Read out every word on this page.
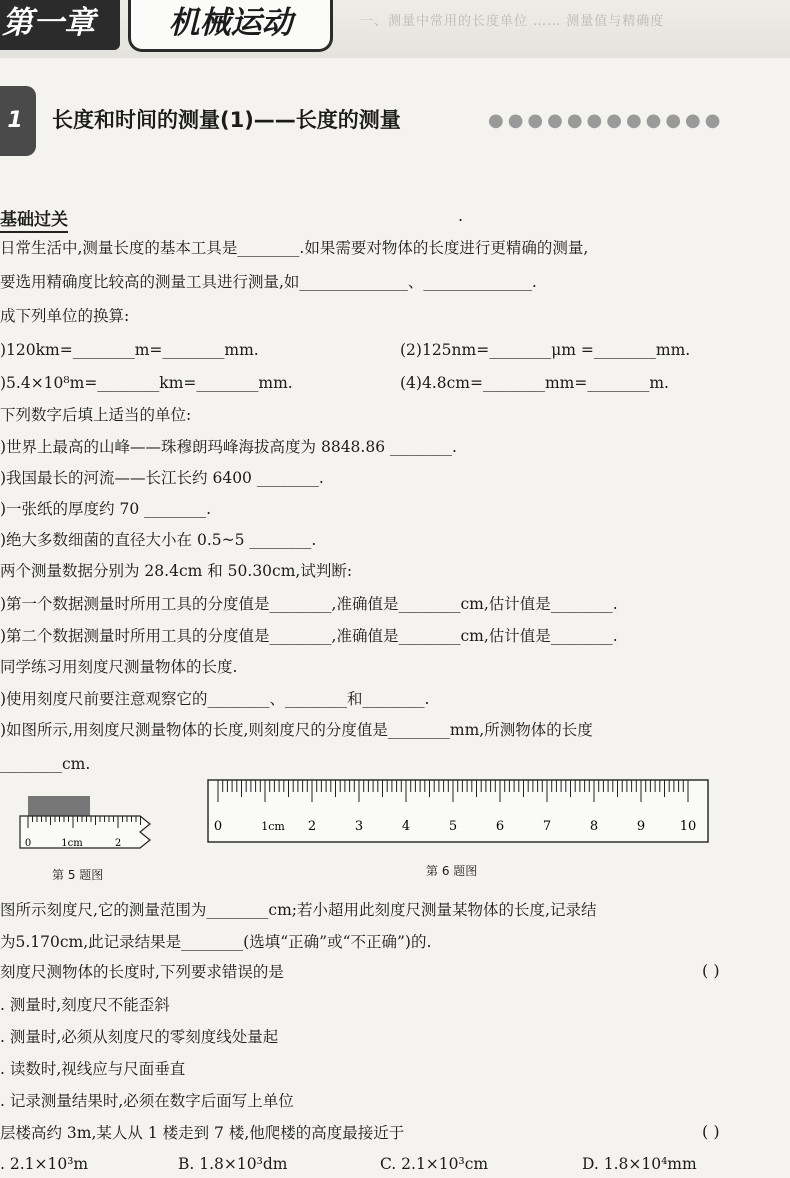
一、测量中常用的长度单位 …… 测量值与精确度
第一章	机械运动
1	长度和时间的测量(1)——长度的测量	●●●●●●●●●●●●
基础过关	.
日常生活中,测量长度的基本工具是________.如果需要对物体的长度进行更精确的测量,
要选用精确度比较高的测量工具进行测量,如______________、______________.
成下列单位的换算:
)120km=________m=________mm.	(2)125nm=________μm =________mm.
)5.4×10⁸m=________km=________mm.	(4)4.8cm=________mm=________m.
下列数字后填上适当的单位:
)世界上最高的山峰——珠穆朗玛峰海拔高度为 8848.86 ________.
)我国最长的河流——长江长约 6400 ________.
)一张纸的厚度约 70 ________.
)绝大多数细菌的直径大小在 0.5~5 ________.
两个测量数据分别为 28.4cm 和 50.30cm,试判断:
)第一个数据测量时所用工具的分度值是________,准确值是________cm,估计值是________.
)第二个数据测量时所用工具的分度值是________,准确值是________cm,估计值是________.
同学练习用刻度尺测量物体的长度.
)使用刻度尺前要注意观察它的________、________和________.
)如图所示,用刻度尺测量物体的长度,则刻度尺的分度值是________mm,所测物体的长度
________cm.
0	1cm	2
第 5 题图
0	1cm 2	3	4	5	6	7	8	9	10
第 6 题图
图所示刻度尺,它的测量范围为________cm;若小超用此刻度尺测量某物体的长度,记录结
为5.170cm,此记录结果是________(选填“正确”或“不正确”)的.
刻度尺测物体的长度时,下列要求错误的是	( )
. 测量时,刻度尺不能歪斜
. 测量时,必须从刻度尺的零刻度线处量起
. 读数时,视线应与尺面垂直
. 记录测量结果时,必须在数字后面写上单位
层楼高约 3m,某人从 1 楼走到 7 楼,他爬楼的高度最接近于	( )
. 2.1×10³m	B. 1.8×10³dm	C. 2.1×10³cm	D. 1.8×10⁴mm
